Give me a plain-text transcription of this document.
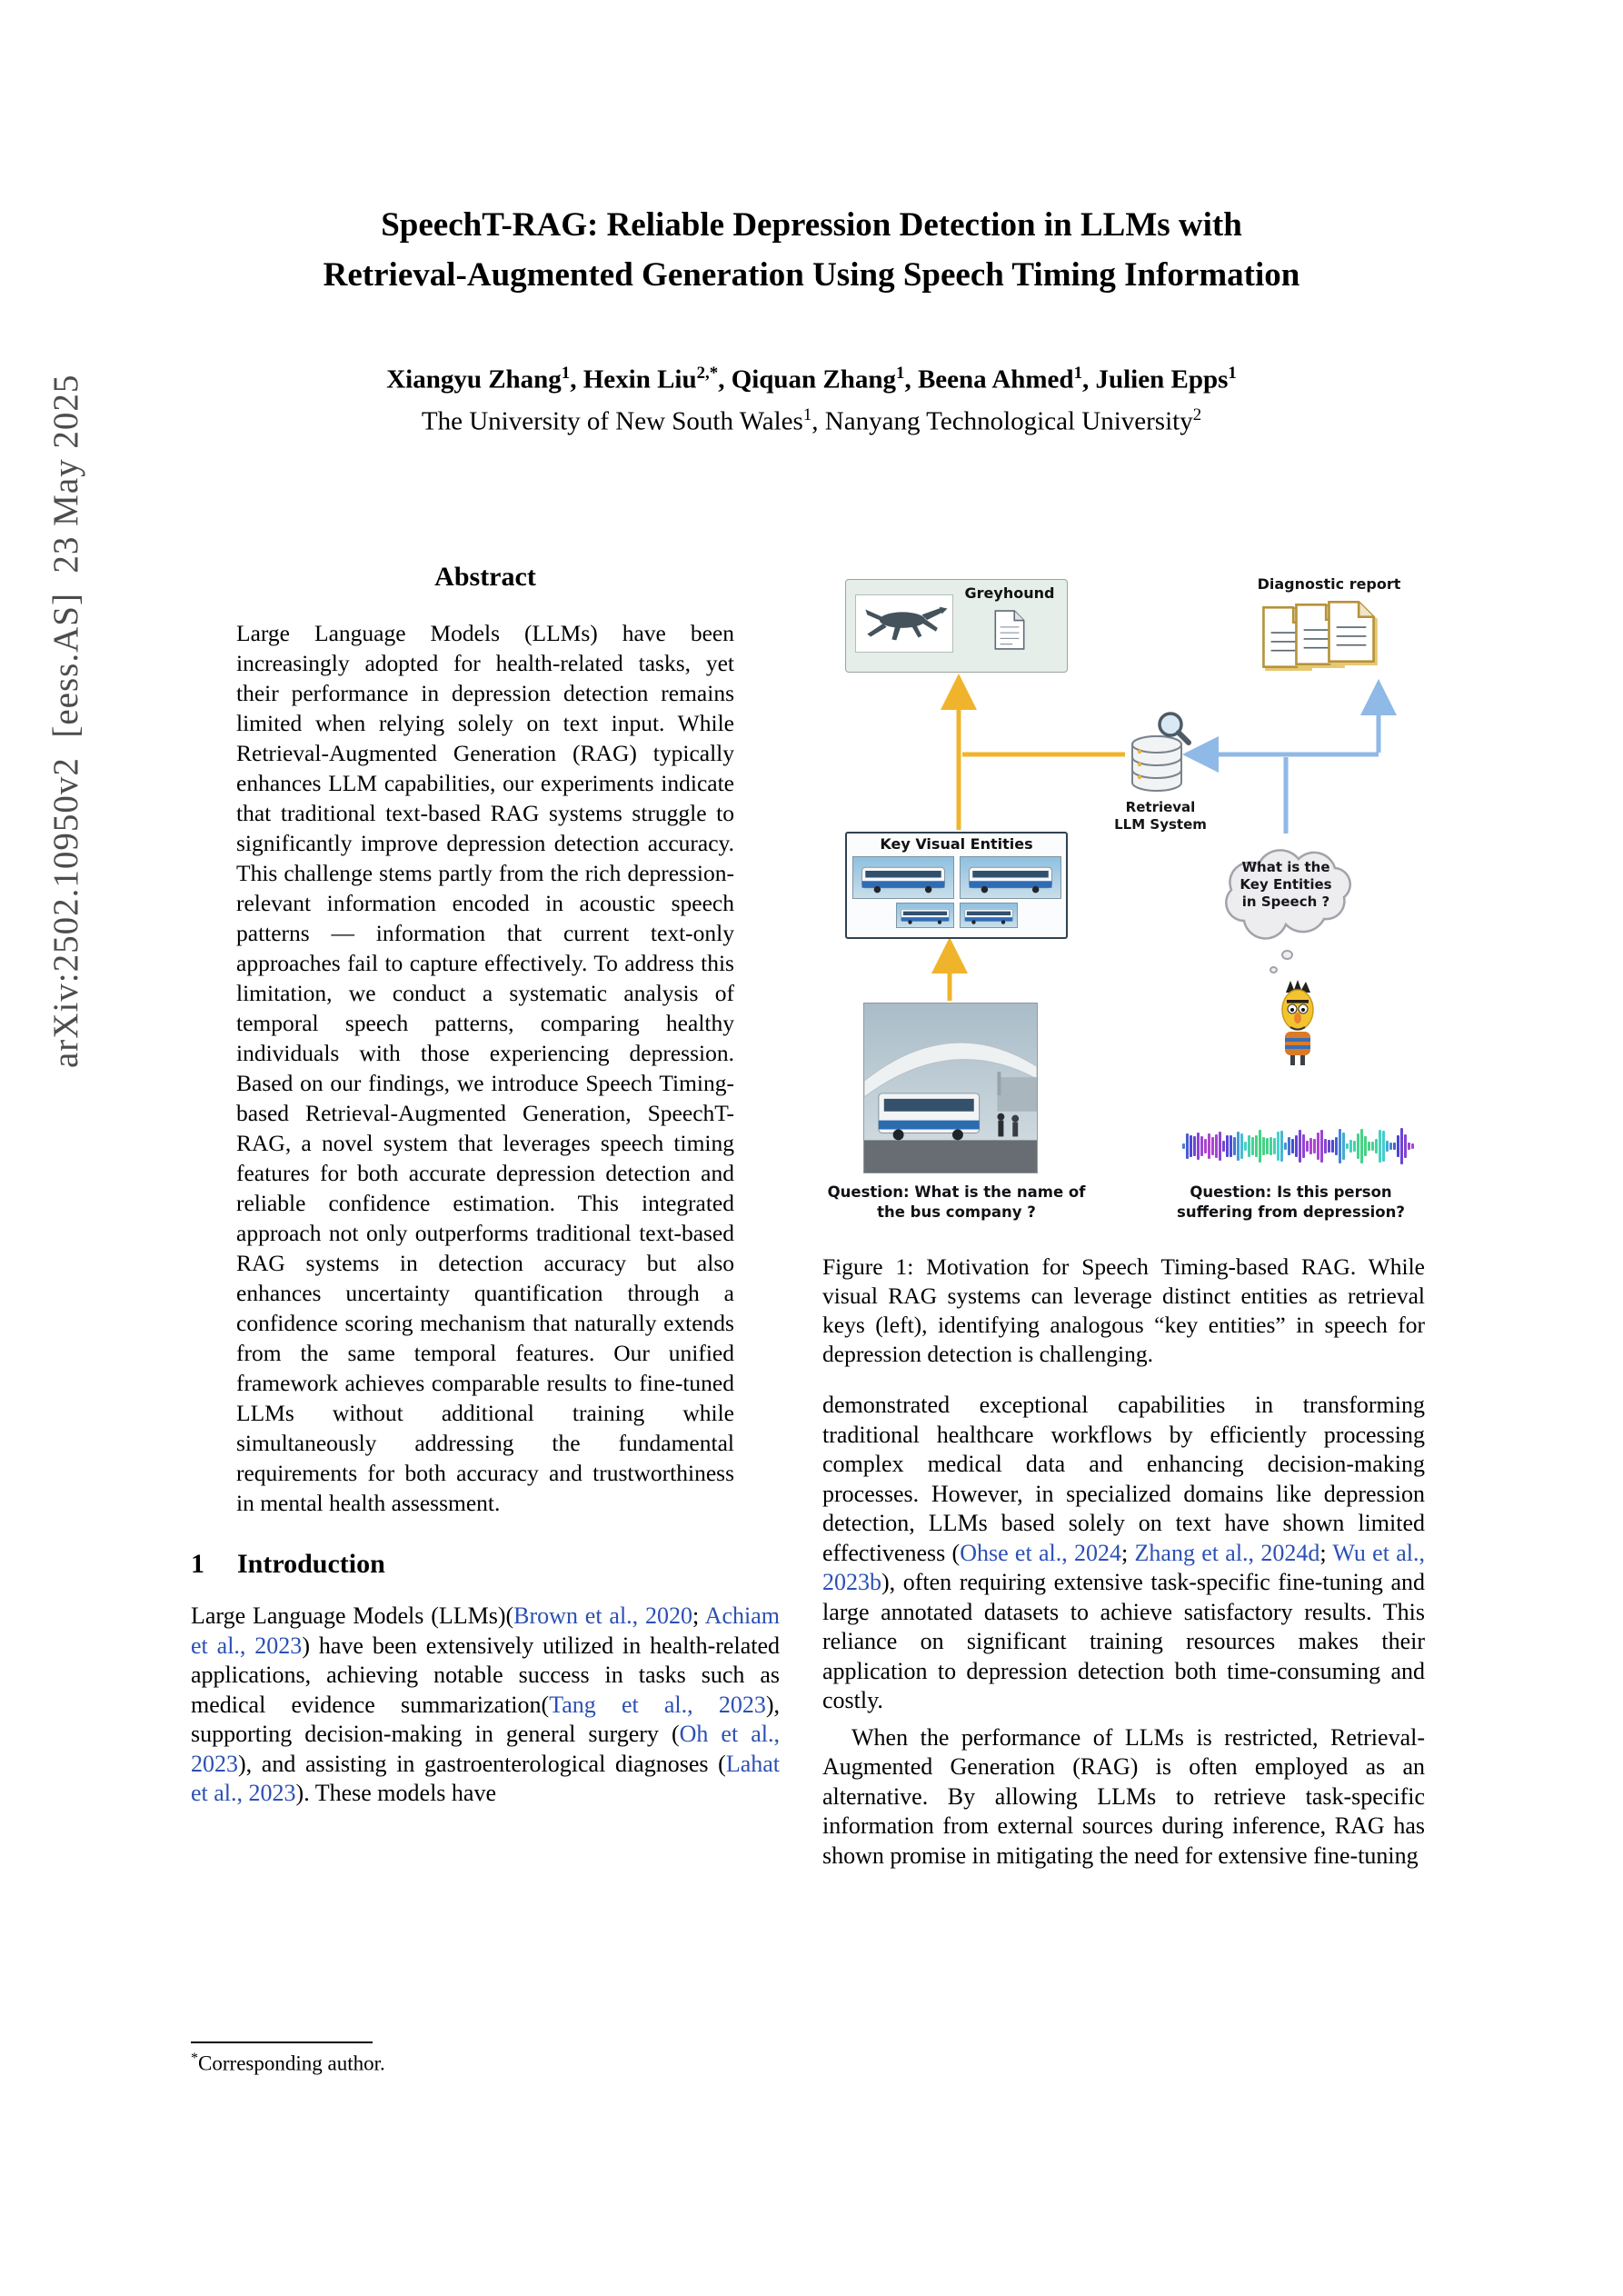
arXiv:2502.10950v2  [eess.AS]  23 May 2025
SpeechT-RAG: Reliable Depression Detection in LLMs with
Retrieval-Augmented Generation Using Speech Timing Information
Xiangyu Zhang$^1$, Hexin Liu$^{2,*}$, Qiquan Zhang$^1$, Beena Ahmed$^1$, Julien Epps$^1$
The University of New South Wales$^1$, Nanyang Technological University$^2$
Abstract

Large Language Models (LLMs) have been increasingly adopted for health-related tasks, yet their performance in depression detection remains limited when relying solely on text input. While Retrieval-Augmented Generation (RAG) typically enhances LLM capabilities, our experiments indicate that traditional text-based RAG systems struggle to significantly improve depression detection accuracy. This challenge stems partly from the rich depression-relevant information encoded in acoustic speech patterns — information that current text-only approaches fail to capture effectively. To address this limitation, we conduct a systematic analysis of temporal speech patterns, comparing healthy individuals with those experiencing depression. Based on our findings, we introduce Speech Timing-based Retrieval-Augmented Generation, SpeechT-RAG, a novel system that leverages speech timing features for both accurate depression detection and reliable confidence estimation. This integrated approach not only outperforms traditional text-based RAG systems in detection accuracy but also enhances uncertainty quantification through a confidence scoring mechanism that naturally extends from the same temporal features. Our unified framework achieves comparable results to fine-tuned LLMs without additional training while simultaneously addressing the fundamental requirements for both accuracy and trustworthiness in mental health assessment.

1 Introduction

Large Language Models (LLMs)(Brown et al., 2020; Achiam et al., 2023) have been extensively utilized in health-related applications, achieving notable success in tasks such as medical evidence summarization(Tang et al., 2023), supporting decision-making in general surgery (Oh et al., 2023), and assisting in gastroenterological diagnoses (Lahat et al., 2023). These models have

*Corresponding author.
Greyhound
Diagnostic report
Retrieval
LLM System
Key Visual Entities
What is the Key Entities in Speech ?
Question: What is the name of the bus company ?
Question: Is this person suffering from depression?

Figure 1: Motivation for Speech Timing-based RAG. While visual RAG systems can leverage distinct entities as retrieval keys (left), identifying analogous “key entities” in speech for depression detection is challenging.

demonstrated exceptional capabilities in transforming traditional healthcare workflows by efficiently processing complex medical data and enhancing decision-making processes. However, in specialized domains like depression detection, LLMs based solely on text have shown limited effectiveness (Ohse et al., 2024; Zhang et al., 2024d; Wu et al., 2023b), often requiring extensive task-specific fine-tuning and large annotated datasets to achieve satisfactory results. This reliance on significant training resources makes their application to depression detection both time-consuming and costly.

When the performance of LLMs is restricted, Retrieval-Augmented Generation (RAG) is often employed as an alternative. By allowing LLMs to retrieve task-specific information from external sources during inference, RAG has shown promise in mitigating the need for extensive fine-tuning
